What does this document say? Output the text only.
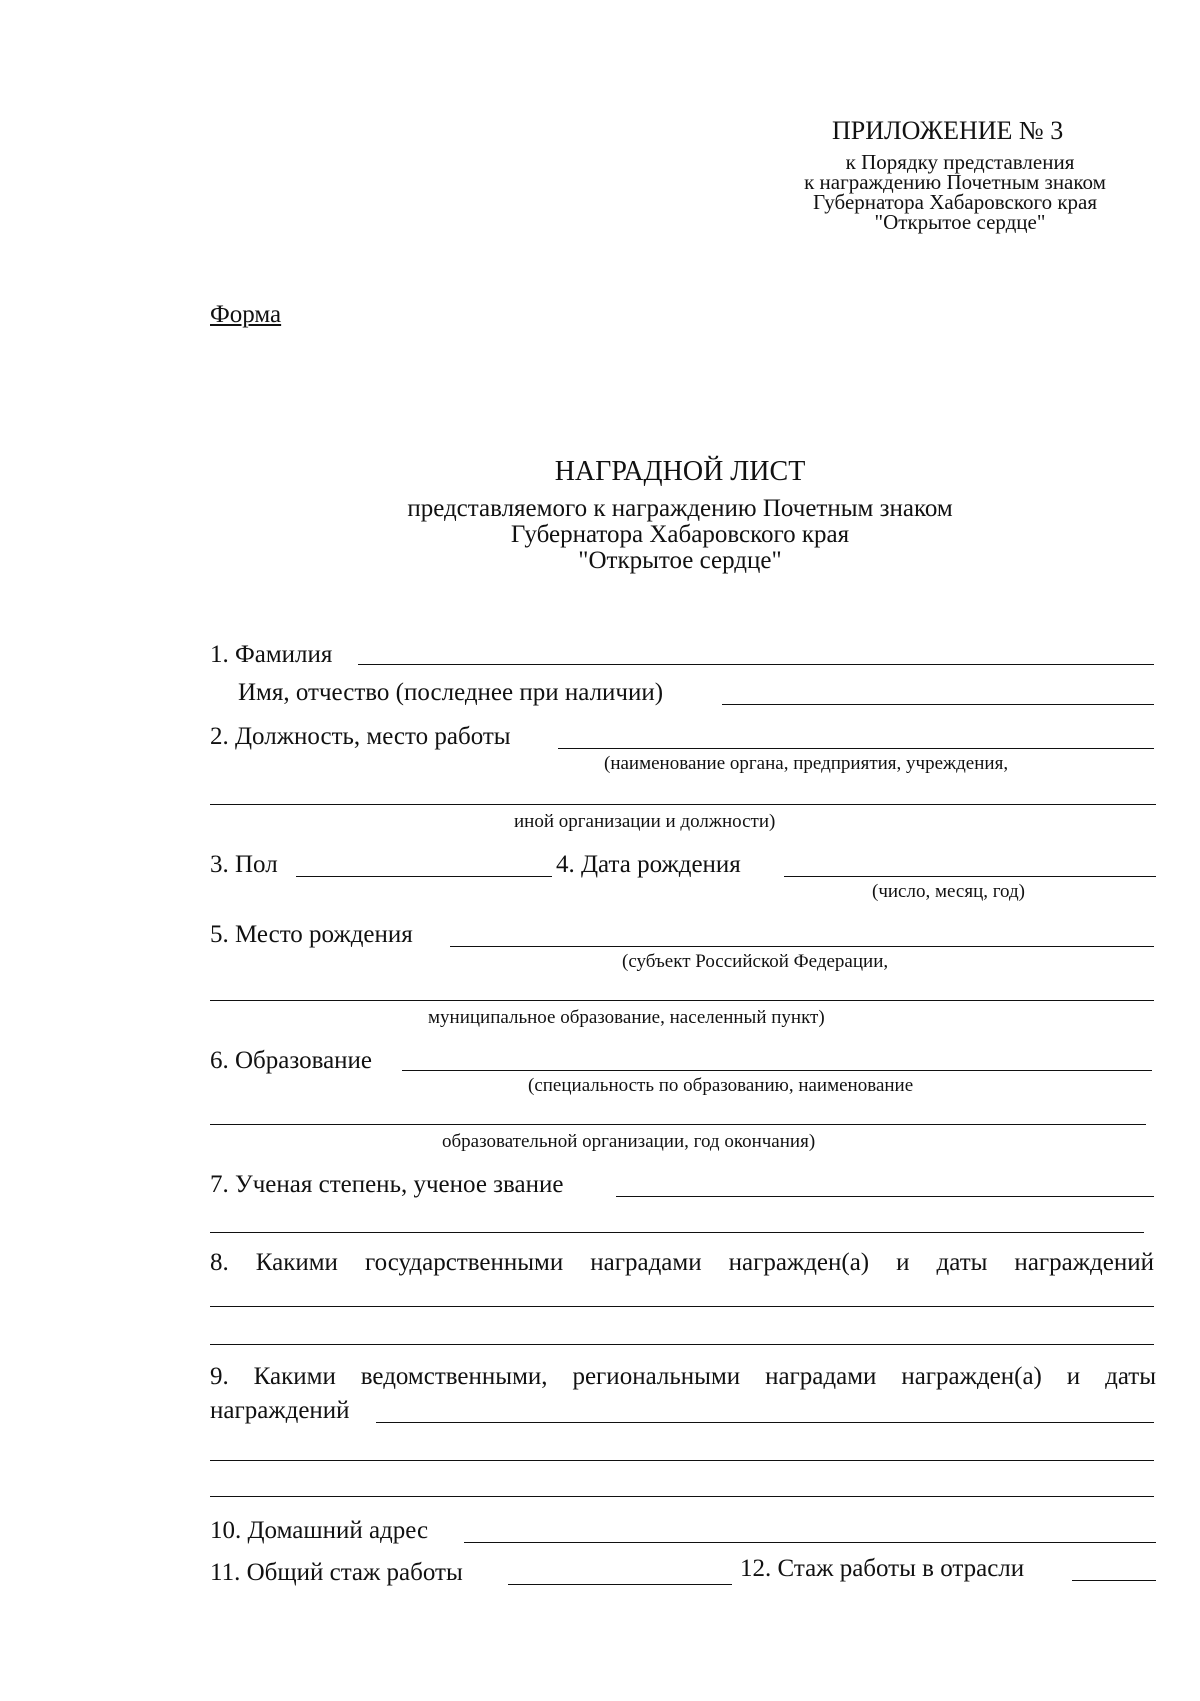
ПРИЛОЖЕНИЕ № 3
к Порядку представления
к награждению Почетным знаком
Губернатора Хабаровского края
"Открытое сердце"
Форма
НАГРАДНОЙ ЛИСТ
представляемого к награждению Почетным знаком
Губернатора Хабаровского края
"Открытое сердце"
1. Фамилия
Имя, отчество (последнее при наличии)
2. Должность, место работы
(наименование органа, предприятия, учреждения,
иной организации и должности)
3. Пол	4. Дата рождения
(число, месяц, год)
5. Место рождения
(субъект Российской Федерации,
муниципальное образование, населенный пункт)
6. Образование
(специальность по образованию, наименование
образовательной организации, год окончания)
7. Ученая степень, ученое звание
8. Какими государственными наградами награжден(а) и даты награждений
9. Какими ведомственными, региональными наградами награжден(а) и даты
награждений
10. Домашний адрес
11. Общий стаж работы	12. Стаж работы в отрасли
